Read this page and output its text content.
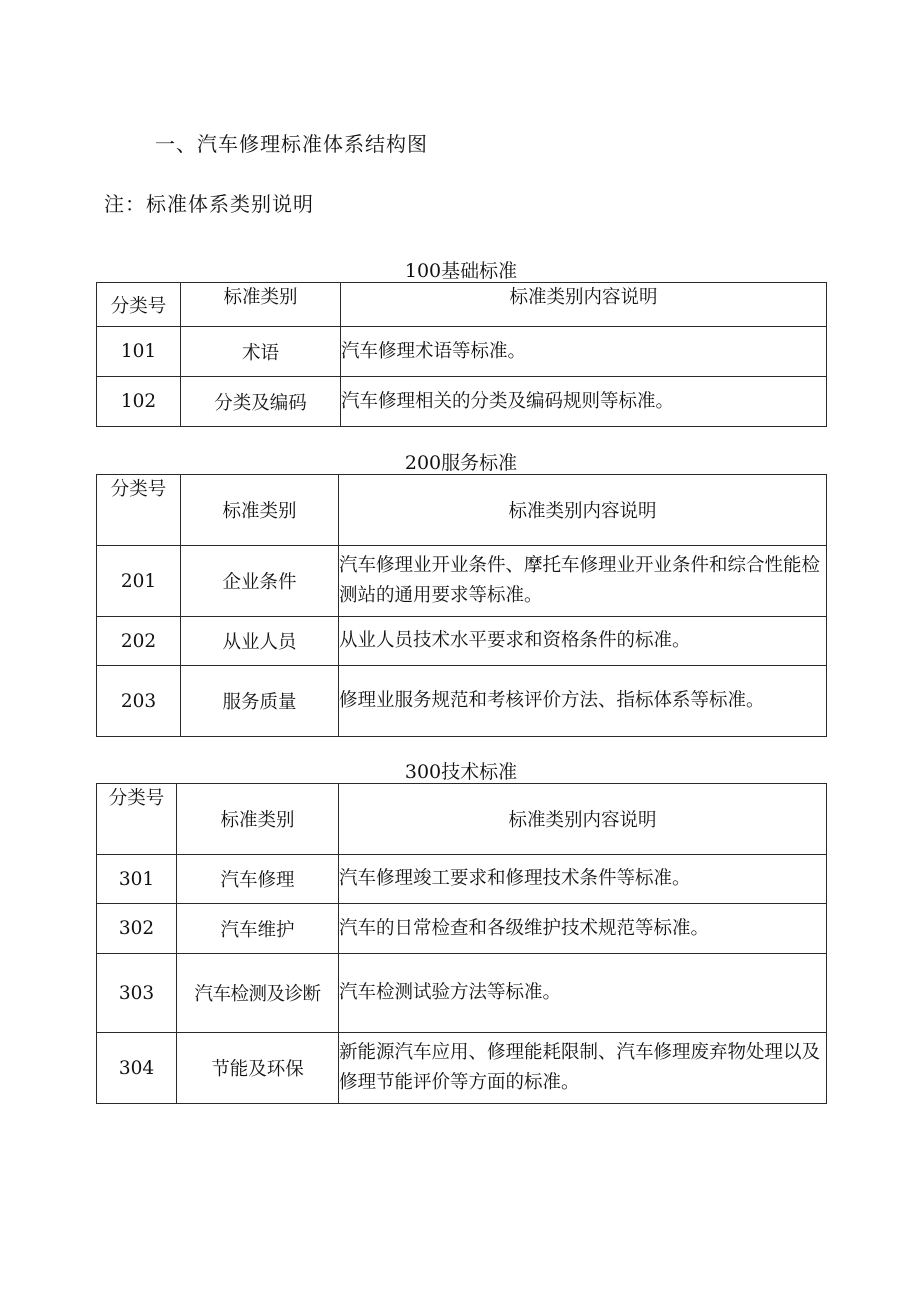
一、汽车修理标准体系结构图
注：标准体系类别说明
100基础标准
分类号	标准类别	标准类别内容说明
101	术语	汽车修理术语等标准。
102	分类及编码	汽车修理相关的分类及编码规则等标准。
200服务标准
分类号	标准类别	标准类别内容说明
201	企业条件	汽车修理业开业条件、摩托车修理业开业条件和综合性能检测站的通用要求等标准。
202	从业人员	从业人员技术水平要求和资格条件的标准。
203	服务质量	修理业服务规范和考核评价方法、指标体系等标准。
300技术标准
分类号	标准类别	标准类别内容说明
301	汽车修理	汽车修理竣工要求和修理技术条件等标准。
302	汽车维护	汽车的日常检查和各级维护技术规范等标准。
303	汽车检测及诊断	汽车检测试验方法等标准。
304	节能及环保	新能源汽车应用、修理能耗限制、汽车修理废弃物处理以及修理节能评价等方面的标准。
